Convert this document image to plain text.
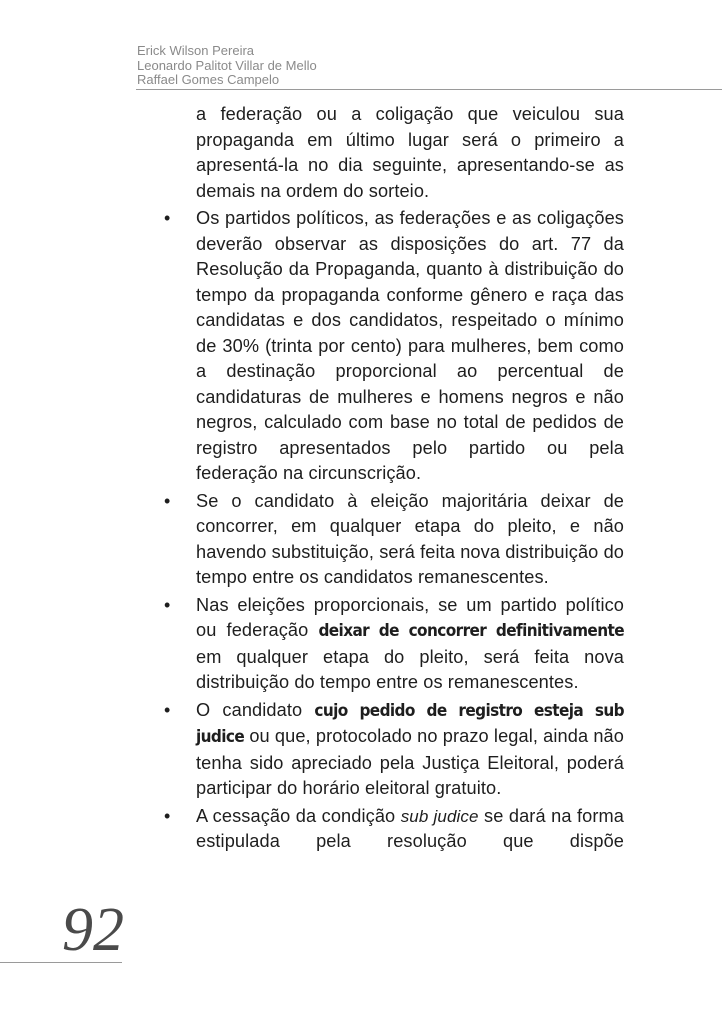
Erick Wilson Pereira
Leonardo Palitot Villar de Mello
Raffael Gomes Campelo

a federação ou a coligação que veiculou sua propaganda em último lugar será o primeiro a apresentá-la no dia seguinte, apresentando-se as demais na ordem do sorteio.

• Os partidos políticos, as federações e as coligações deverão observar as disposições do art. 77 da Resolução da Propaganda, quanto à distribuição do tempo da propaganda conforme gênero e raça das candidatas e dos candidatos, respeitado o mínimo de 30% (trinta por cento) para mulheres, bem como a destinação proporcional ao percentual de candidaturas de mulheres e homens negros e não negros, calculado com base no total de pedidos de registro apresentados pelo partido ou pela federação na circunscrição.

• Se o candidato à eleição majoritária deixar de concorrer, em qualquer etapa do pleito, e não havendo substituição, será feita nova distribuição do tempo entre os candidatos remanescentes.

• Nas eleições proporcionais, se um partido político ou federação deixar de concorrer definitivamente em qualquer etapa do pleito, será feita nova distribuição do tempo entre os remanescentes.

• O candidato cujo pedido de registro esteja sub judice ou que, protocolado no prazo legal, ainda não tenha sido apreciado pela Justiça Eleitoral, poderá participar do horário eleitoral gratuito.

• A cessação da condição sub judice se dará na forma estipulada pela resolução que dispõe

92
